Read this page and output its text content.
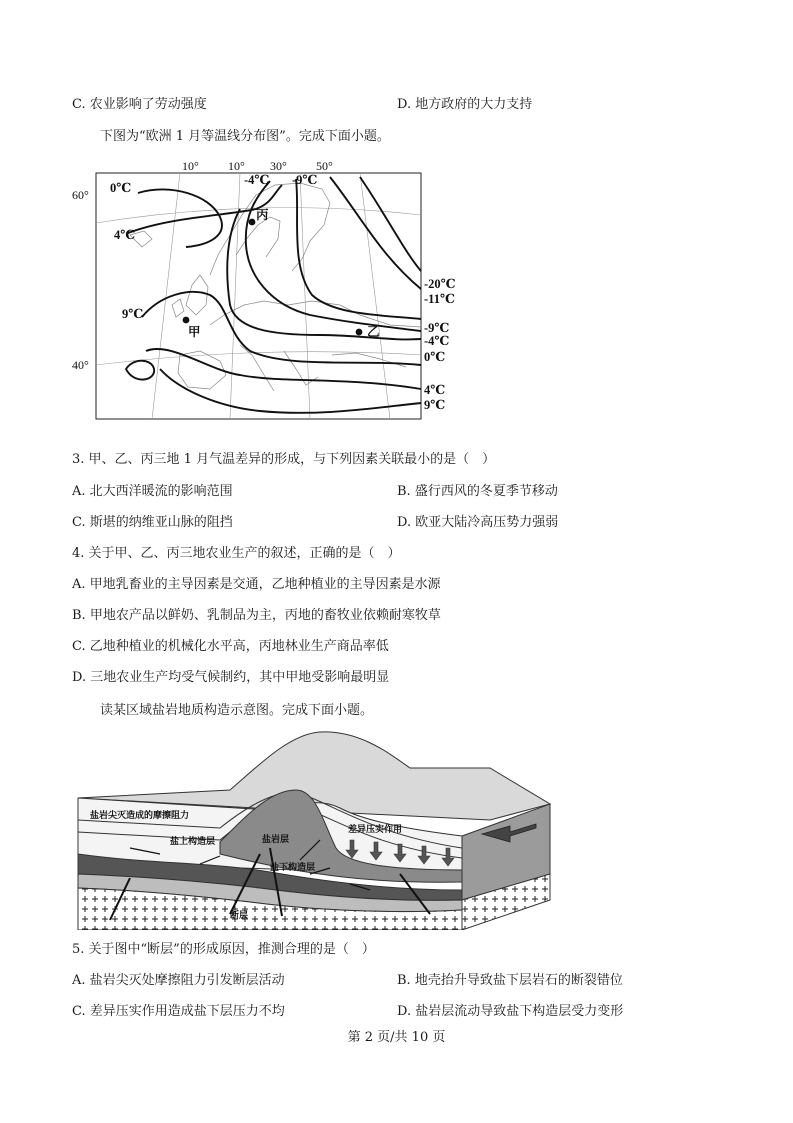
C. 农业影响了劳动强度	D. 地方政府的大力支持
下图为“欧洲 1 月等温线分布图”。完成下面小题。
10° 10° 30° 50°
60°
40°
0℃
4℃
9℃
-4℃ -9℃
-20℃
-11℃
-9℃
-4℃
0℃
4℃
9℃
甲	乙
丙
3. 甲、乙、丙三地 1 月气温差异的形成，与下列因素关联最小的是（　）
A. 北大西洋暖流的影响范围	B. 盛行西风的冬夏季节移动
C. 斯堪的纳维亚山脉的阻挡	D. 欧亚大陆冷高压势力强弱
4. 关于甲、乙、丙三地农业生产的叙述，正确的是（　）
A. 甲地乳畜业的主导因素是交通，乙地种植业的主导因素是水源
B. 甲地农产品以鲜奶、乳制品为主，丙地的畜牧业依赖耐寒牧草
C. 乙地种植业的机械化水平高，丙地林业生产商品率低
D. 三地农业生产均受气候制约，其中甲地受影响最明显
读某区域盐岩地质构造示意图。完成下面小题。
盐岩尖灭造成的摩擦阻力
盐上构造层	盐岩层
盐下构造层
断层
差异压实作用
5. 关于图中“断层”的形成原因，推测合理的是（　）
A. 盐岩尖灭处摩擦阻力引发断层活动	B. 地壳抬升导致盐下层岩石的断裂错位
C. 差异压实作用造成盐下层压力不均	D. 盐岩层流动导致盐下构造层受力变形
第 2 页/共 10 页
